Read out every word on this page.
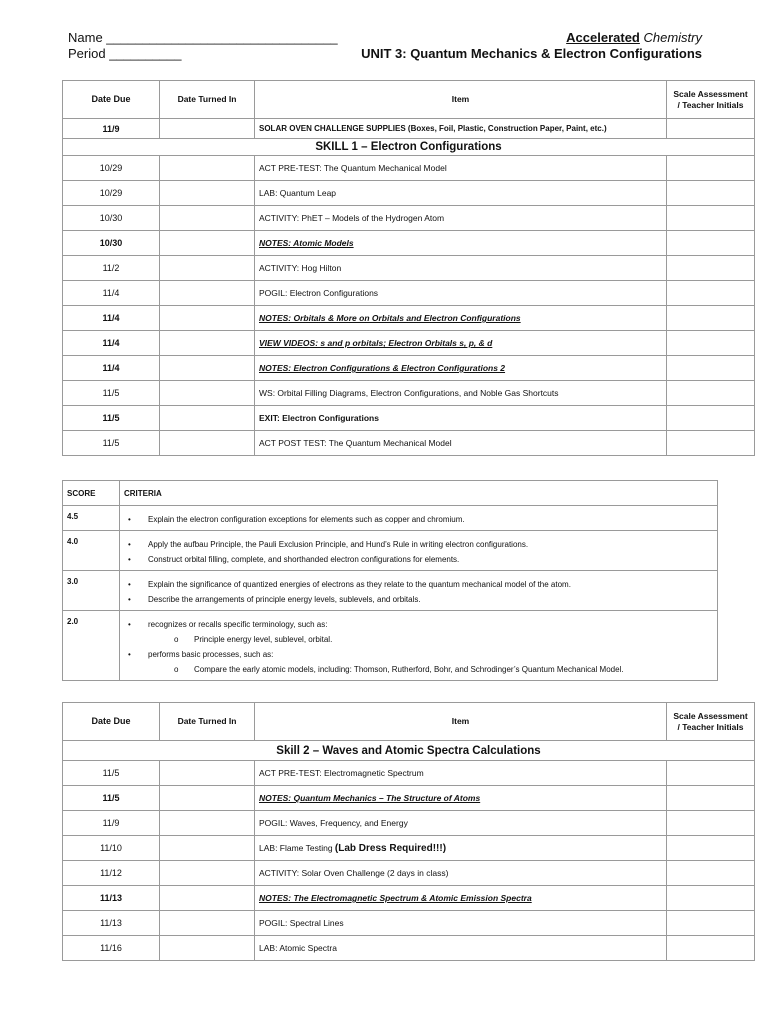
Name ________________________________
Period __________
Accelerated Chemistry
UNIT 3: Quantum Mechanics & Electron Configurations
Date Due	Date Turned In	Item	Scale Assessment / Teacher Initials
11/9		SOLAR OVEN CHALLENGE SUPPLIES (Boxes, Foil, Plastic, Construction Paper, Paint, etc.)	
SKILL 1 – Electron Configurations			
10/29		ACT PRE-TEST: The Quantum Mechanical Model	
10/29		LAB: Quantum Leap	
10/30		ACTIVITY: PhET – Models of the Hydrogen Atom	
10/30		NOTES: Atomic Models	
11/2		ACTIVITY: Hog Hilton	
11/4		POGIL: Electron Configurations	
11/4		NOTES: Orbitals & More on Orbitals and Electron Configurations	
11/4		VIEW VIDEOS: s and p orbitals; Electron Orbitals s, p, & d	
11/4		NOTES: Electron Configurations & Electron Configurations 2	
11/5		WS: Orbital Filling Diagrams, Electron Configurations, and Noble Gas Shortcuts	
11/5		EXIT: Electron Configurations	
11/5		ACT POST TEST: The Quantum Mechanical Model	
SCORE	CRITERIA
4.5	• Explain the electron configuration exceptions for elements such as copper and chromium.

4.0	• Apply the aufbau Principle, the Pauli Exclusion Principle, and Hund’s Rule in writing electron configurations.
• Construct orbital filling, complete, and shorthanded electron configurations for elements.

3.0	• Explain the significance of quantized energies of electrons as they relate to the quantum mechanical model of the atom.
• Describe the arrangements of principle energy levels, sublevels, and orbitals.

2.0	• recognizes or recalls specific terminology, such as:
o Principle energy level, sublevel, orbital.
• performs basic processes, such as:
o Compare the early atomic models, including: Thomson, Rutherford, Bohr, and Schrodinger’s Quantum Mechanical Model.
Date Due	Date Turned In	Item	Scale Assessment / Teacher Initials
Skill 2 – Waves and Atomic Spectra Calculations			
11/5		ACT PRE-TEST: Electromagnetic Spectrum	
11/5		NOTES: Quantum Mechanics – The Structure of Atoms	
11/9		POGIL: Waves, Frequency, and Energy	
11/10		LAB: Flame Testing (Lab Dress Required!!!)	
11/12		ACTIVITY: Solar Oven Challenge (2 days in class)	
11/13		NOTES: The Electromagnetic Spectrum & Atomic Emission Spectra	
11/13		POGIL: Spectral Lines	
11/16		LAB: Atomic Spectra	
